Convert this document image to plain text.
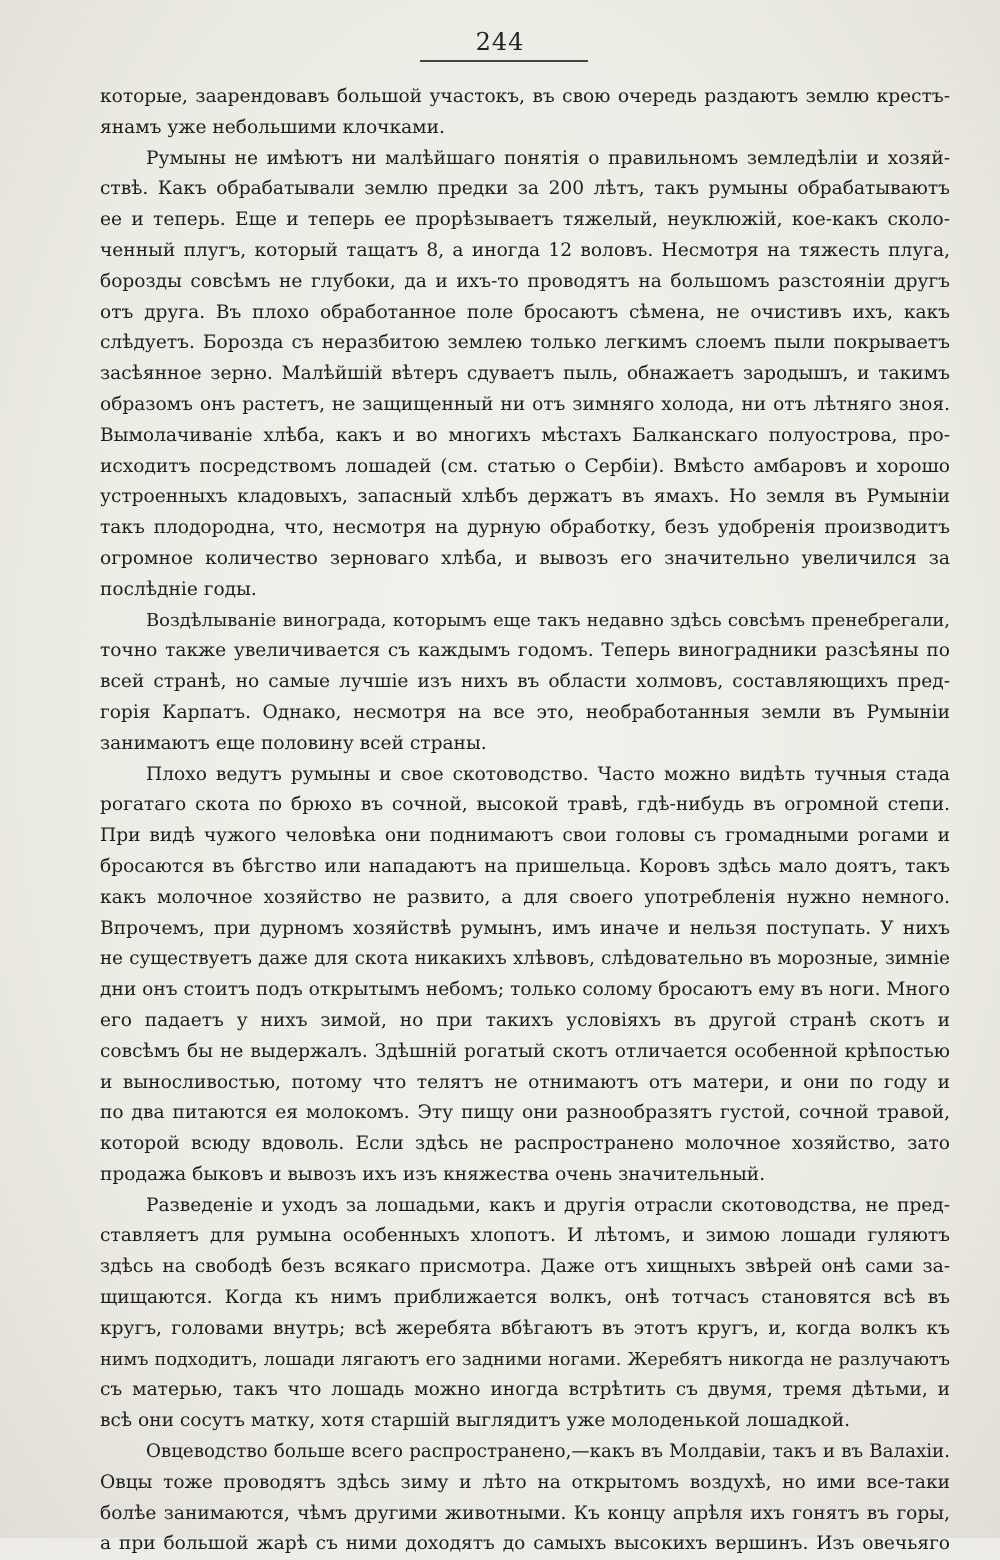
244
которые, заарендовавъ большой участокъ, въ свою очередь раздаютъ землю крестъ-
янамъ уже небольшими клочками.
Румыны не имѣютъ ни малѣйшаго понятія о правильномъ земледѣліи и хозяй-
ствѣ. Какъ обрабатывали землю предки за 200 лѣтъ, такъ румыны обрабатываютъ
ее и теперь. Еще и теперь ее прорѣзываетъ тяжелый, неуклюжій, кое-какъ сколо-
ченный плугъ, который тащатъ 8, а иногда 12 воловъ. Несмотря на тяжесть плуга,
борозды совсѣмъ не глубоки, да и ихъ-то проводятъ на большомъ разстояніи другъ
отъ друга. Въ плохо обработанное поле бросаютъ сѣмена, не очистивъ ихъ, какъ
слѣдуетъ. Борозда съ неразбитою землею только легкимъ слоемъ пыли покрываетъ
засѣянное зерно. Малѣйшій вѣтеръ сдуваетъ пыль, обнажаетъ зародышъ, и такимъ
образомъ онъ растетъ, не защищенный ни отъ зимняго холода, ни отъ лѣтняго зноя.
Вымолачиваніе хлѣба, какъ и во многихъ мѣстахъ Балканскаго полуострова, про-
исходитъ посредствомъ лошадей (см. статью о Сербіи). Вмѣсто амбаровъ и хорошо
устроенныхъ кладовыхъ, запасный хлѣбъ держатъ въ ямахъ. Но земля въ Румыніи
такъ плодородна, что, несмотря на дурную обработку, безъ удобренія производитъ
огромное количество зерноваго хлѣба, и вывозъ его значительно увеличился за
послѣдніе годы.
Воздѣлываніе винограда, которымъ еще такъ недавно здѣсь совсѣмъ пренебрегали,
точно также увеличивается съ каждымъ годомъ. Теперь виноградники разсѣяны по
всей странѣ, но самые лучшіе изъ нихъ въ области холмовъ, составляющихъ пред-
горія Карпатъ. Однако, несмотря на все это, необработанныя земли въ Румыніи
занимаютъ еще половину всей страны.
Плохо ведутъ румыны и свое скотоводство. Часто можно видѣть тучныя стада
рогатаго скота по брюхо въ сочной, высокой травѣ, гдѣ-нибудь въ огромной степи.
При видѣ чужого человѣка они поднимаютъ свои головы съ громадными рогами и
бросаются въ бѣгство или нападаютъ на пришельца. Коровъ здѣсь мало доятъ, такъ
какъ молочное хозяйство не развито, а для своего употребленія нужно немного.
Впрочемъ, при дурномъ хозяйствѣ румынъ, имъ иначе и нельзя поступать. У нихъ
не существуетъ даже для скота никакихъ хлѣвовъ, слѣдовательно въ морозные, зимніе
дни онъ стоитъ подъ открытымъ небомъ; только солому бросаютъ ему въ ноги. Много
его падаетъ у нихъ зимой, но при такихъ условіяхъ въ другой странѣ скотъ и
совсѣмъ бы не выдержалъ. Здѣшній рогатый скотъ отличается особенной крѣпостью
и выносливостью, потому что телятъ не отнимаютъ отъ матери, и они по году и
по два питаются ея молокомъ. Эту пищу они разнообразятъ густой, сочной травой,
которой всюду вдоволь. Если здѣсь не распространено молочное хозяйство, зато
продажа быковъ и вывозъ ихъ изъ княжества очень значительный.
Разведеніе и уходъ за лошадьми, какъ и другія отрасли скотоводства, не пред-
ставляетъ для румына особенныхъ хлопотъ. И лѣтомъ, и зимою лошади гуляютъ
здѣсь на свободѣ безъ всякаго присмотра. Даже отъ хищныхъ звѣрей онѣ сами за-
щищаются. Когда къ нимъ приближается волкъ, онѣ тотчасъ становятся всѣ въ
кругъ, головами внутрь; всѣ жеребята вбѣгаютъ въ этотъ кругъ, и, когда волкъ къ
нимъ подходитъ, лошади лягаютъ его задними ногами. Жеребятъ никогда не разлучаютъ
съ матерью, такъ что лошадь можно иногда встрѣтить съ двумя, тремя дѣтьми, и
всѣ они сосутъ матку, хотя старшій выглядитъ уже молоденькой лошадкой.
Овцеводство больше всего распространено,—какъ въ Молдавіи, такъ и въ Валахіи.
Овцы тоже проводятъ здѣсь зиму и лѣто на открытомъ воздухѣ, но ими все-таки
болѣе занимаются, чѣмъ другими животными. Къ концу апрѣля ихъ гонятъ въ горы,
а при большой жарѣ съ ними доходятъ до самыхъ высокихъ вершинъ. Изъ овечьяго
